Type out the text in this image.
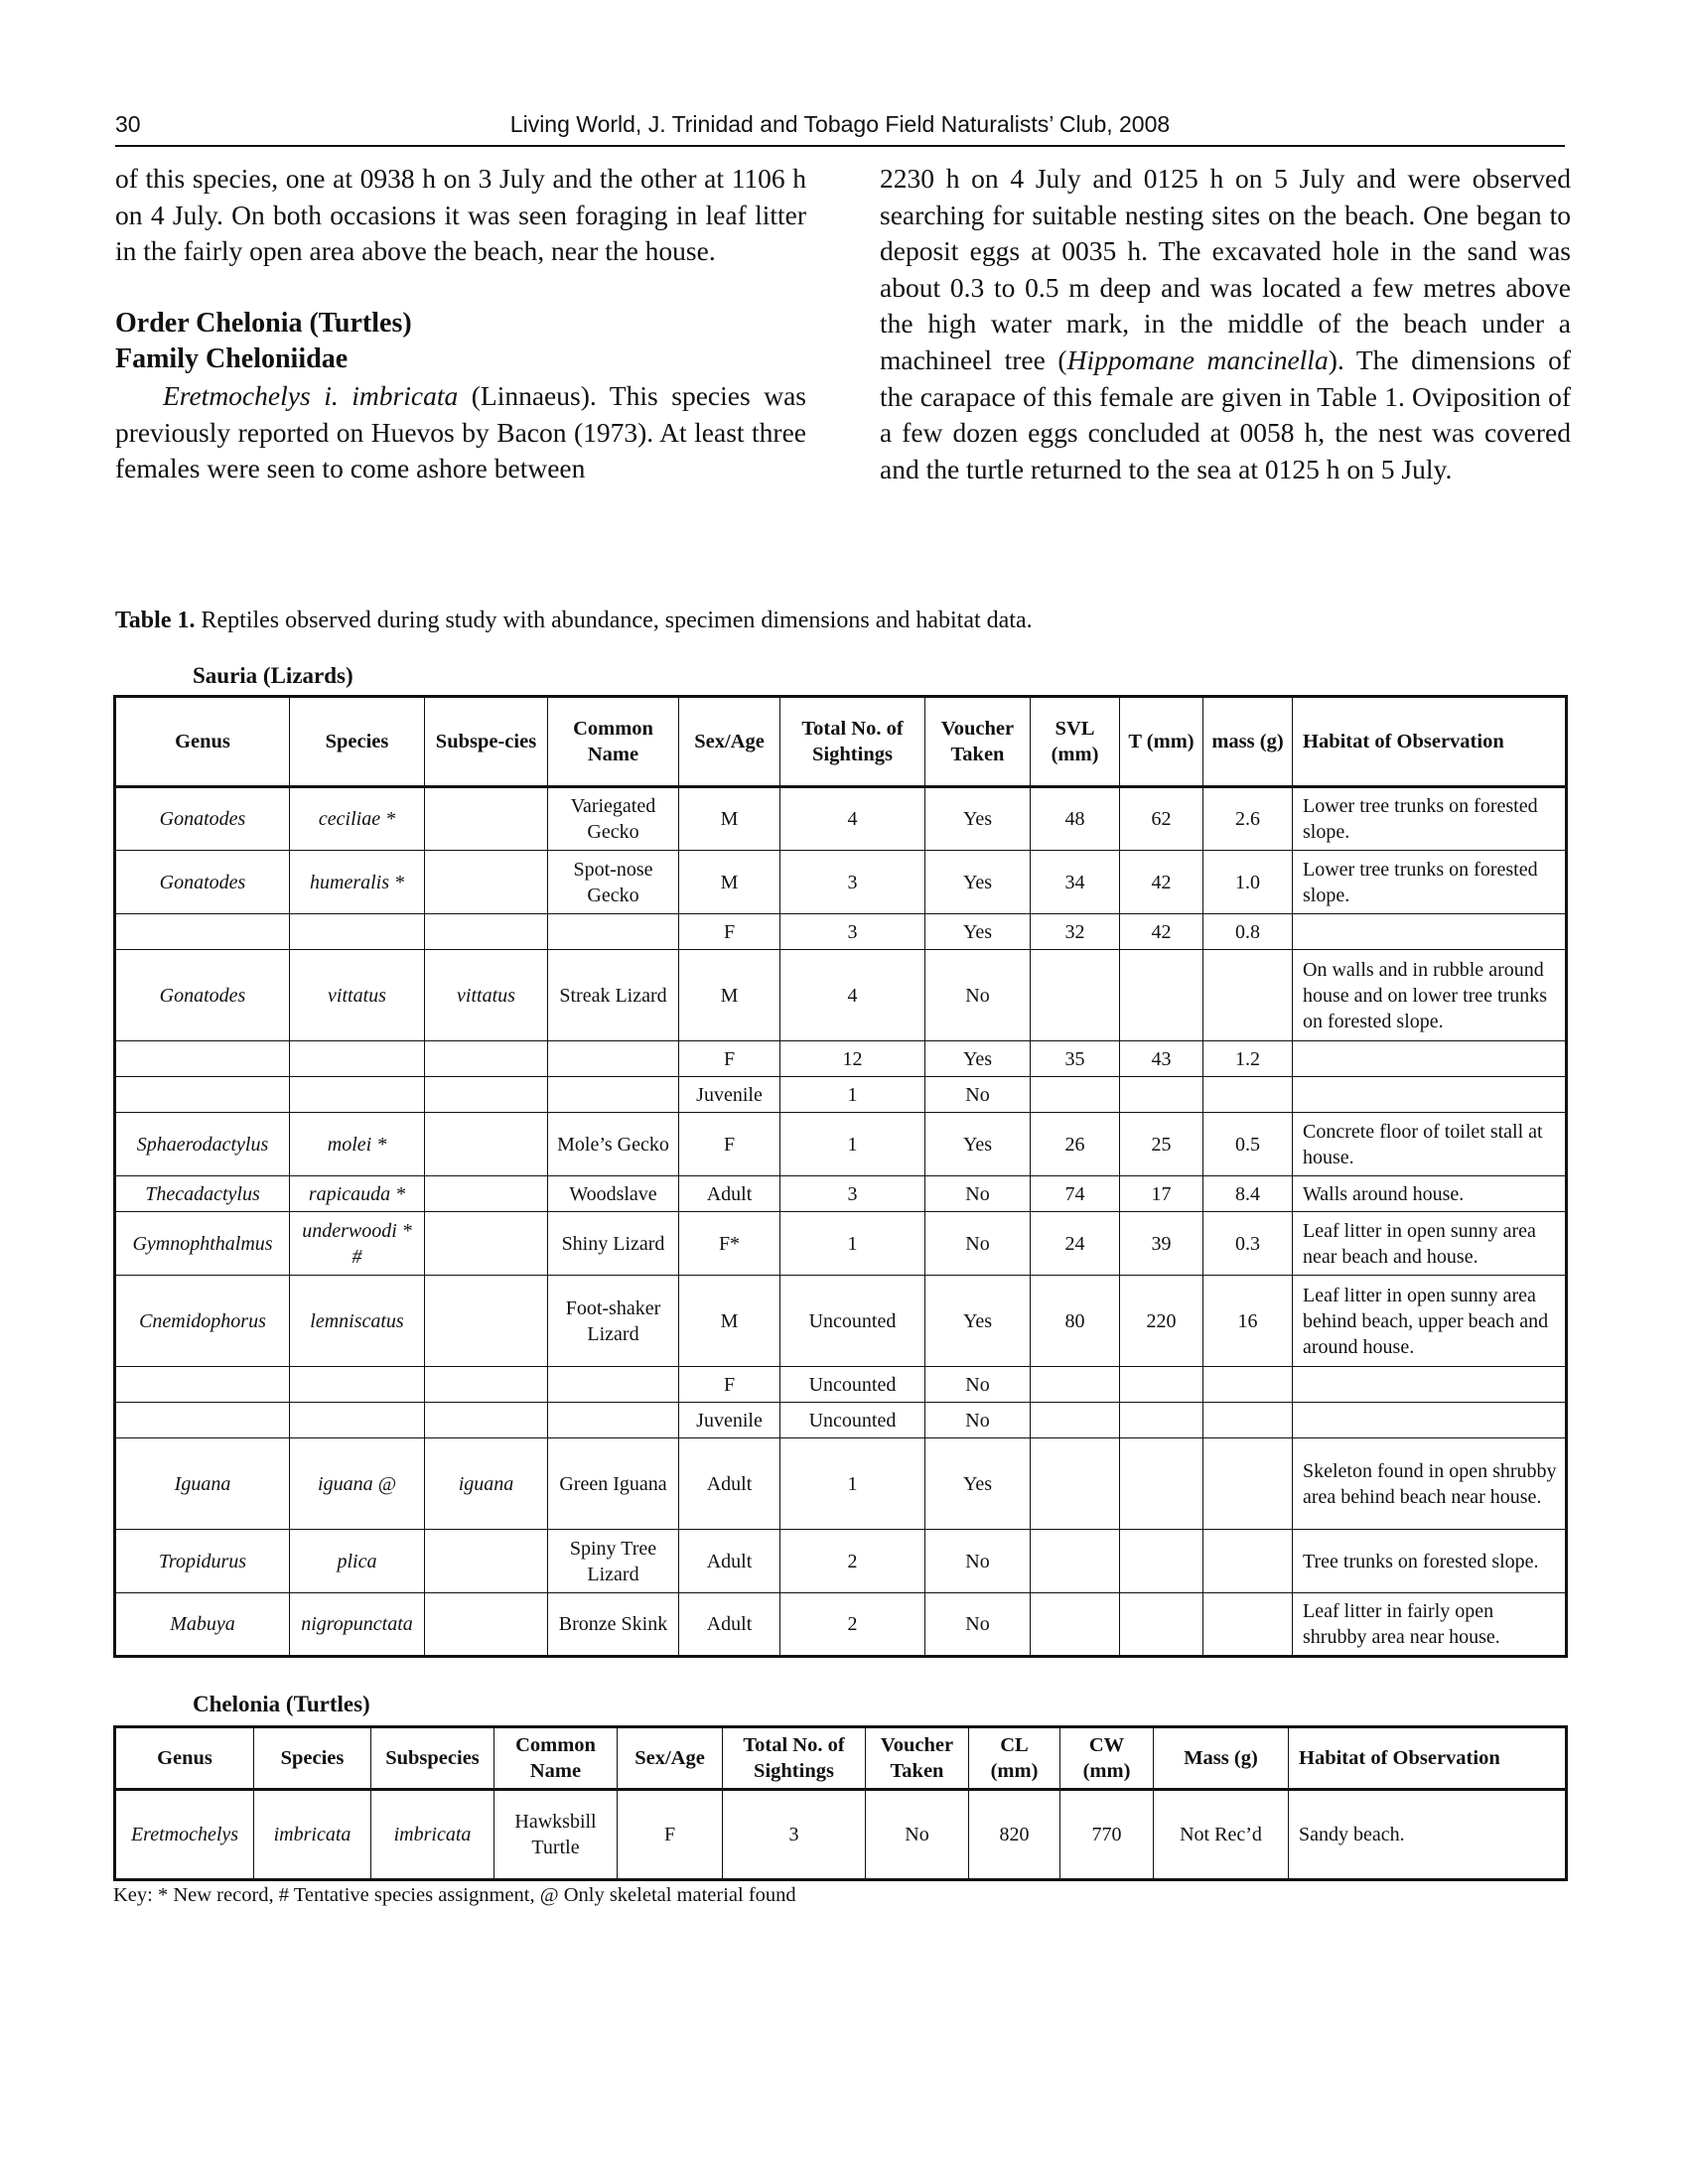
30	Living World, J. Trinidad and Tobago Field Naturalists’ Club, 2008

of this species, one at 0938 h on 3 July and the other at 1106 h on 4 July. On both occasions it was seen foraging in leaf litter in the fairly open area above the beach, near the house.

Order Chelonia (Turtles)
Family Cheloniidae

Eretmochelys i. imbricata (Linnaeus). This species was previously reported on Huevos by Bacon (1973). At least three females were seen to come ashore between

2230 h on 4 July and 0125 h on 5 July and were observed searching for suitable nesting sites on the beach. One began to deposit eggs at 0035 h. The excavated hole in the sand was about 0.3 to 0.5 m deep and was located a few metres above the high water mark, in the middle of the beach under a machineel tree (Hippomane mancinella). The dimensions of the carapace of this female are given in Table 1. Oviposition of a few dozen eggs concluded at 0058 h, the nest was covered and the turtle returned to the sea at 0125 h on 5 July.

Table 1. Reptiles observed during study with abundance, specimen dimensions and habitat data.
Sauria (Lizards)
Genus	Species	Subspe-cies	Common Name	Sex/Age	Total No. of Sightings	Voucher Taken	SVL (mm)	T (mm)	mass (g)	Habitat of Observation
Gonatodes	ceciliae *		Variegated Gecko	M	4	Yes	48	62	2.6	Lower tree trunks on forested slope.
Gonatodes	humeralis *		Spot-nose Gecko	M	3	Yes	34	42	1.0	Lower tree trunks on forested slope.
				F	3	Yes	32	42	0.8	
Gonatodes	vittatus	vittatus	Streak Lizard	M	4	No				On walls and in rubble around house and on lower tree trunks on forested slope.
				F	12	Yes	35	43	1.2	
				Juvenile	1	No				
Sphaerodactylus	molei *		Mole’s Gecko	F	1	Yes	26	25	0.5	Concrete floor of toilet stall at house.
Thecadactylus	rapicauda *		Woodslave	Adult	3	No	74	17	8.4	Walls around house.
Gymnophthalmus	underwoodi * #		Shiny Lizard	F*	1	No	24	39	0.3	Leaf litter in open sunny area near beach and house.
Cnemidophorus	lemniscatus		Foot-shaker Lizard	M	Uncounted	Yes	80	220	16	Leaf litter in open sunny area behind beach, upper beach and around house.
				F	Uncounted	No				
				Juvenile	Uncounted	No				
Iguana	iguana @	iguana	Green Iguana	Adult	1	Yes				Skeleton found in open shrubby area behind beach near house.
Tropidurus	plica		Spiny Tree Lizard	Adult	2	No				Tree trunks on forested slope.
Mabuya	nigropunctata		Bronze Skink	Adult	2	No				Leaf litter in fairly open shrubby area near house.
Chelonia (Turtles)
Genus	Species	Subspecies	Common Name	Sex/Age	Total No. of Sightings	Voucher Taken	CL (mm)	CW (mm)	Mass (g)	Habitat of Observation
Eretmochelys	imbricata	imbricata	Hawksbill Turtle	F	3	No	820	770	Not Rec’d	Sandy beach.
Key: * New record, # Tentative species assignment, @ Only skeletal material found
